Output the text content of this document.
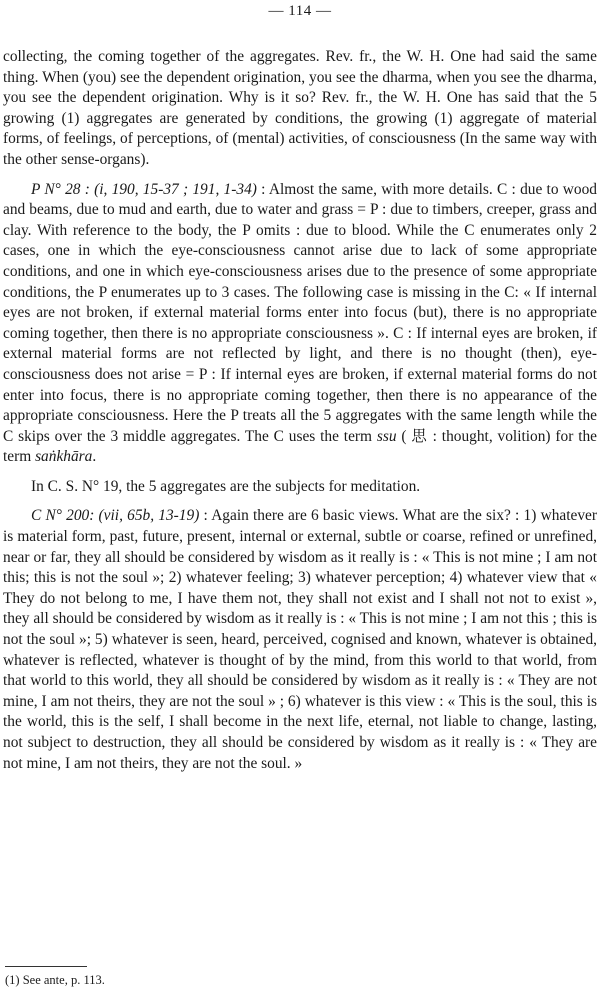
— 114 —

collecting, the coming together of the aggregates. Rev. fr., the W. H. One had said the same thing. When (you) see the dependent origination, you see the dharma, when you see the dharma, you see the dependent origination. Why is it so? Rev. fr., the W. H. One has said that the 5 growing (1) aggregates are generated by conditions, the growing (1) aggregate of material forms, of feelings, of perceptions, of (mental) activities, of consciousness (In the same way with the other sense-organs).

P N° 28 : (i, 190, 15-37 ; 191, 1-34) : Almost the same, with more details. C : due to wood and beams, due to mud and earth, due to water and grass = P : due to timbers, creeper, grass and clay. With reference to the body, the P omits : due to blood. While the C enumerates only 2 cases, one in which the eye-consciousness cannot arise due to lack of some appropriate conditions, and one in which eye-consciousness arises due to the presence of some appropriate conditions, the P enumerates up to 3 cases. The following case is missing in the C: « If internal eyes are not broken, if external material forms enter into focus (but), there is no appropriate coming together, then there is no appropriate consciousness ». C : If internal eyes are broken, if external material forms are not reflected by light, and there is no thought (then), eye-consciousness does not arise = P : If internal eyes are broken, if external material forms do not enter into focus, there is no appropriate coming together, then there is no appearance of the appropriate consciousness. Here the P treats all the 5 aggregates with the same length while the C skips over the 3 middle aggregates. The C uses the term ssu ( 思 : thought, volition) for the term saṅkhāra.

In C. S. N° 19, the 5 aggregates are the subjects for meditation.

C N° 200: (vii, 65b, 13-19) : Again there are 6 basic views. What are the six? : 1) whatever is material form, past, future, present, internal or external, subtle or coarse, refined or unrefined, near or far, they all should be considered by wisdom as it really is : « This is not mine ; I am not this; this is not the soul »; 2) whatever feeling; 3) whatever perception; 4) whatever view that « They do not belong to me, I have them not, they shall not exist and I shall not not to exist », they all should be considered by wisdom as it really is : « This is not mine ; I am not this ; this is not the soul »; 5) whatever is seen, heard, perceived, cognised and known, whatever is obtained, whatever is reflected, whatever is thought of by the mind, from this world to that world, from that world to this world, they all should be considered by wisdom as it really is : « They are not mine, I am not theirs, they are not the soul » ; 6) whatever is this view : « This is the soul, this is the world, this is the self, I shall become in the next life, eternal, not liable to change, lasting, not subject to destruction, they all should be considered by wisdom as it really is : « They are not mine, I am not theirs, they are not the soul. »

(1) See ante, p. 113.
